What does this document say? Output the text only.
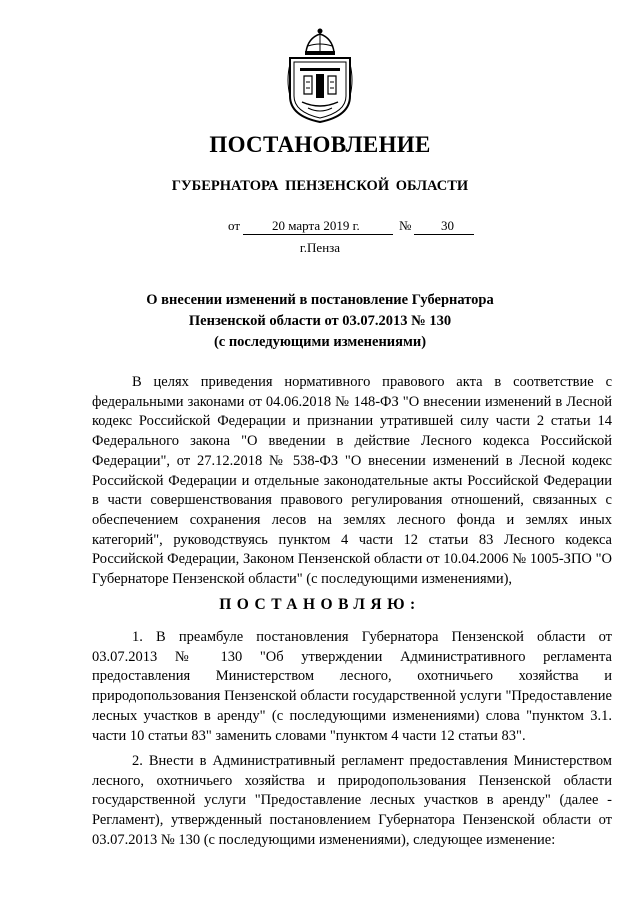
ПОСТАНОВЛЕНИЕ
ГУБЕРНАТОРА ПЕНЗЕНСКОЙ ОБЛАСТИ
от 20 марта 2019 г.	№ 30
г.Пенза
О внесении изменений в постановление Губернатора
Пензенской области от 03.07.2013 № 130
(с последующими изменениями)

В целях приведения нормативного правового акта в соответствие с федеральными законами от 04.06.2018 № 148-ФЗ "О внесении изменений в Лесной кодекс Российской Федерации и признании утратившей силу части 2 статьи 14 Федерального закона "О введении в действие Лесного кодекса Российской Федерации", от 27.12.2018 № 538-ФЗ "О внесении изменений в Лесной кодекс Российской Федерации и отдельные законодательные акты Российской Федерации в части совершенствования правового регулирования отношений, связанных с обеспечением сохранения лесов на землях лесного фонда и землях иных категорий", руководствуясь пунктом 4 части 12 статьи 83 Лесного кодекса Российской Федерации, Законом Пензенской области от 10.04.2006 № 1005-ЗПО "О Губернаторе Пензенской области" (с последующими изменениями),

ПОСТАНОВЛЯЮ:

1. В преамбуле постановления Губернатора Пензенской области от 03.07.2013 № 130 "Об утверждении Административного регламента предоставления Министерством лесного, охотничьего хозяйства и природопользования Пензенской области государственной услуги "Предоставление лесных участков в аренду" (с последующими изменениями) слова "пунктом 3.1. части 10 статьи 83" заменить словами "пунктом 4 части 12 статьи 83".

2. Внести в Административный регламент предоставления Министерством лесного, охотничьего хозяйства и природопользования Пензенской области государственной услуги "Предоставление лесных участков в аренду" (далее - Регламент), утвержденный постановлением Губернатора Пензенской области от 03.07.2013 № 130 (с последующими изменениями), следующее изменение:
